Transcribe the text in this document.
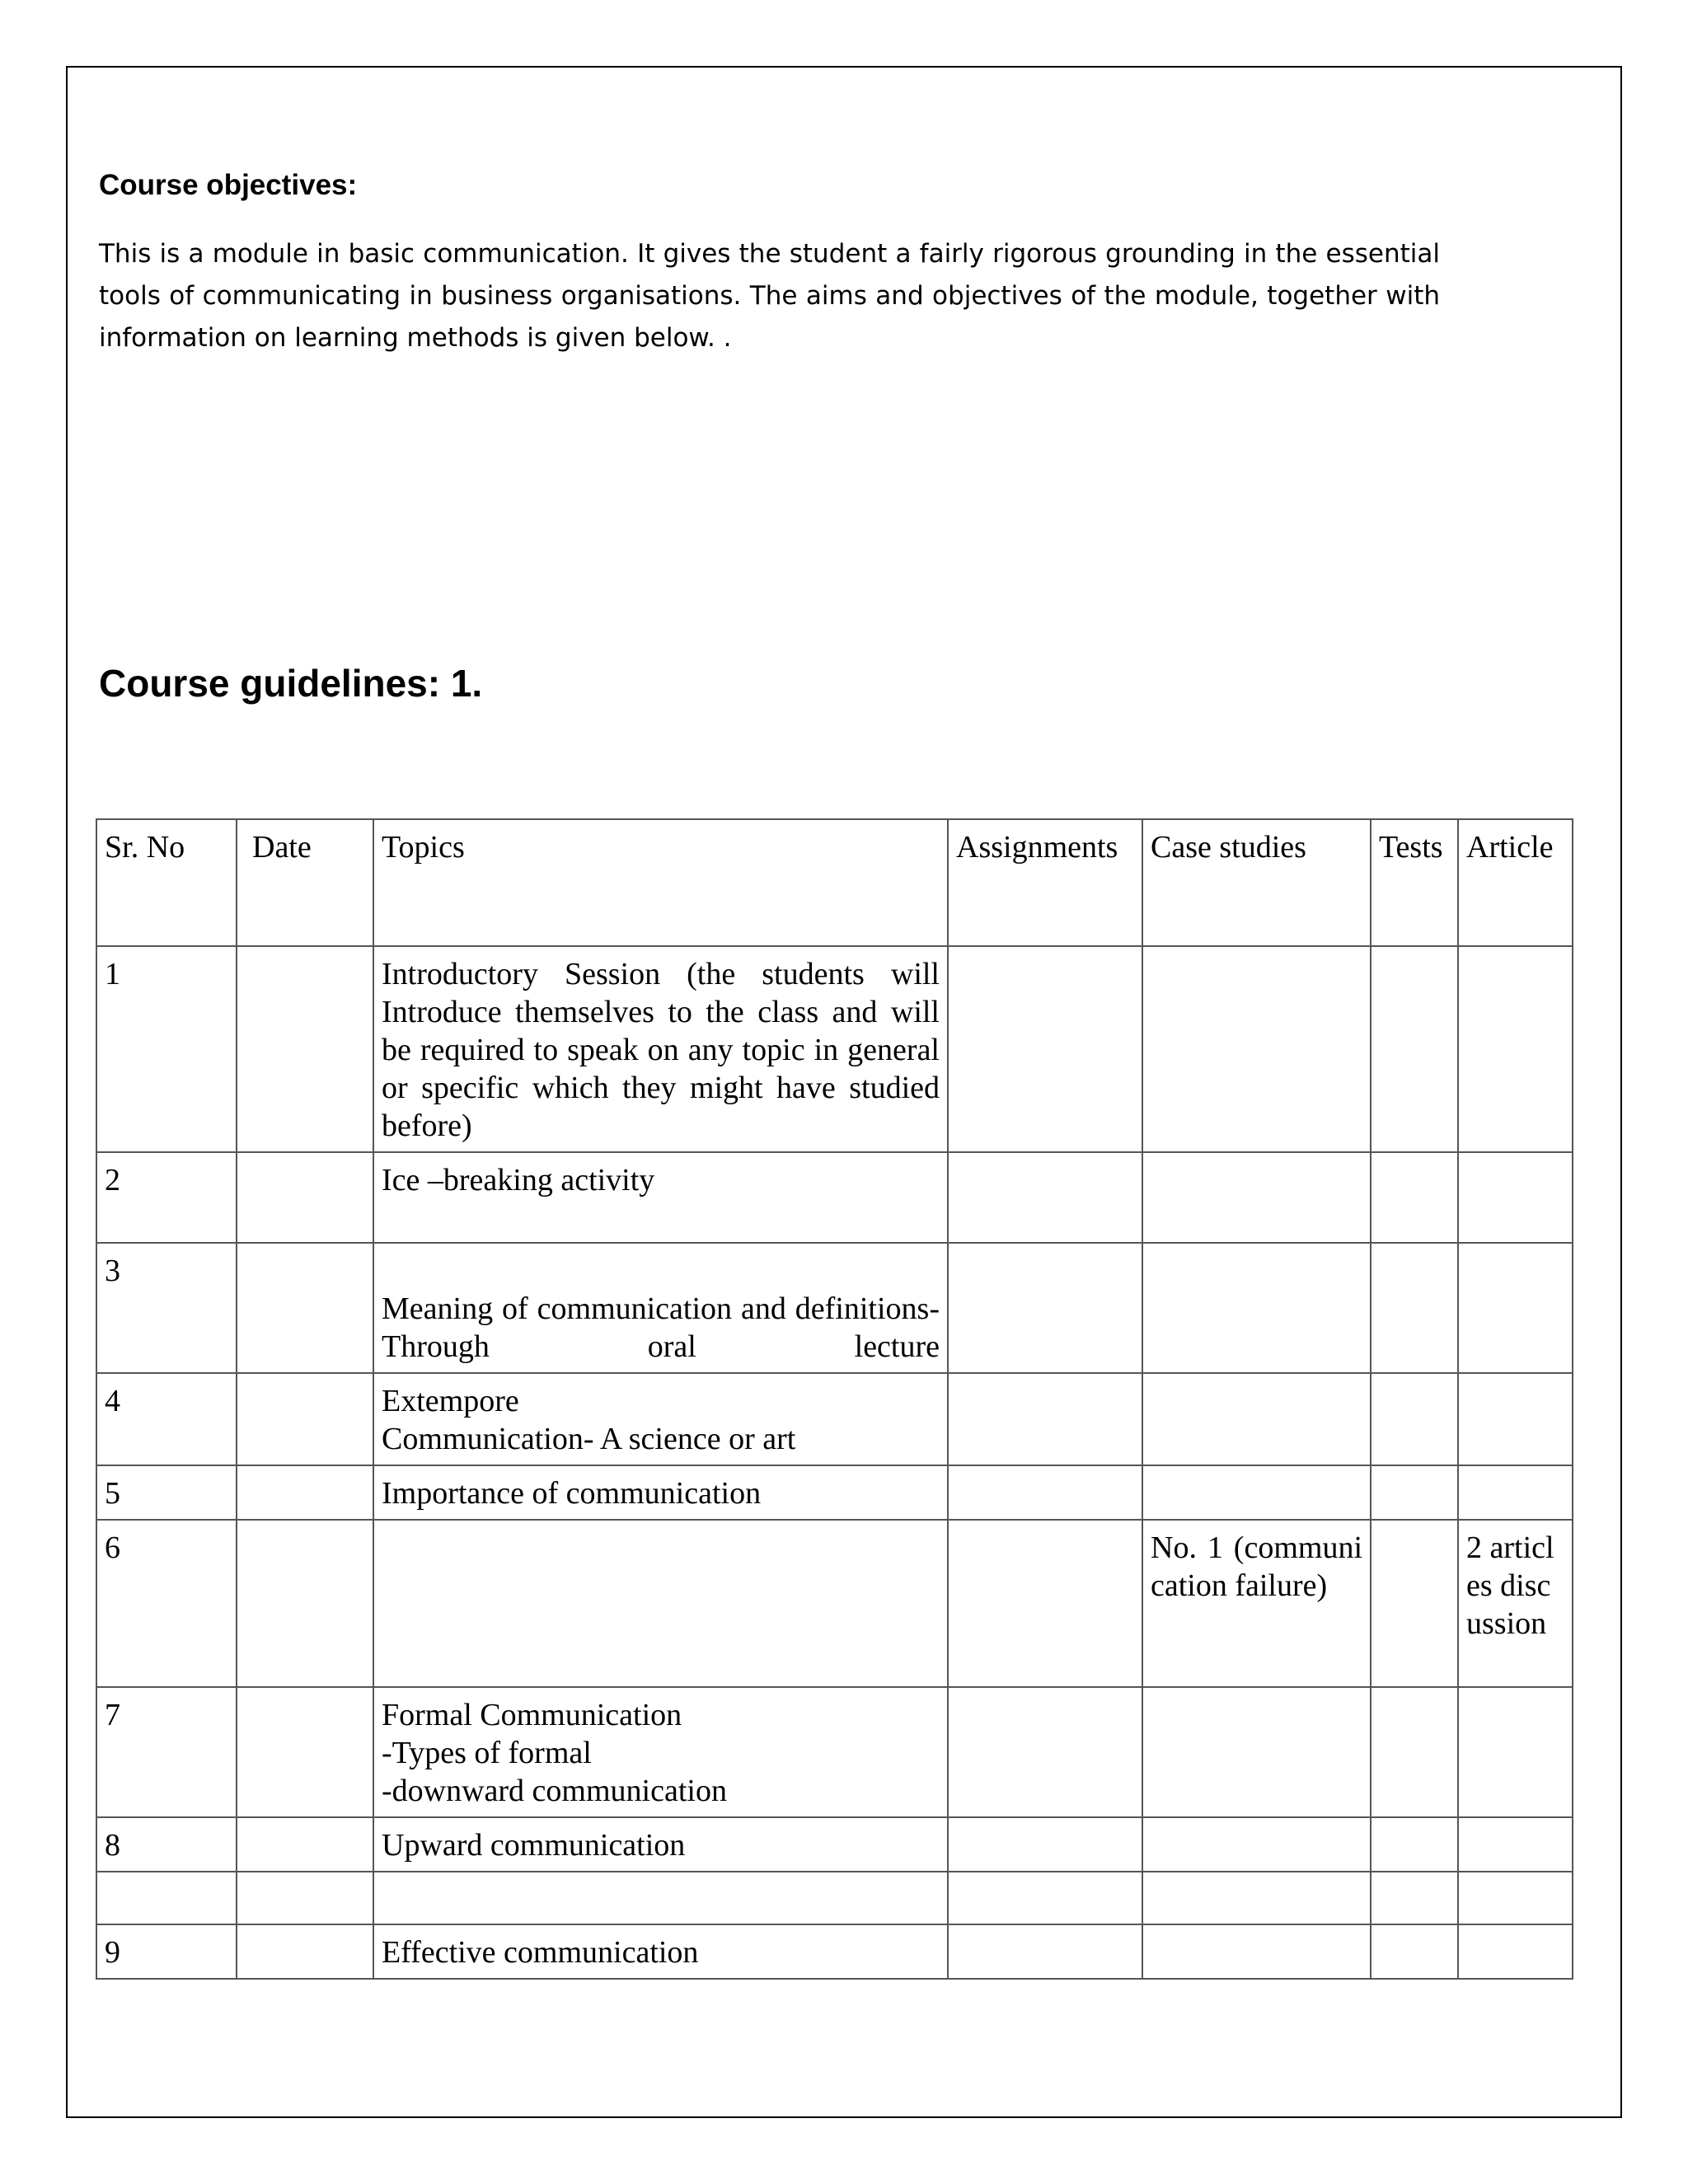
Course objectives:
This is a module in basic communication. It gives the student a fairly rigorous grounding in the essential tools of communicating in business organisations. The aims and objectives of the module, together with information on learning methods is given below. .
Course guidelines: 1.
Sr. No	Date	Topics	Assignments	Case studies	Tests	Article
1		Introductory Session (the students will Introduce themselves to the class and will be required to speak on any topic in general or specific which they might have studied before)				
2		Ice –breaking activity				
3		Meaning of communication and definitions- Through oral lecture				

4		Extempore
Communication- A science or art				

5		Importance of communication				
6				No. 1 (communication failure)		2 articles discussion
7		Formal Communication
-Types of formal
-downward communication				

8		Upward communication				

9		Effective communication				
